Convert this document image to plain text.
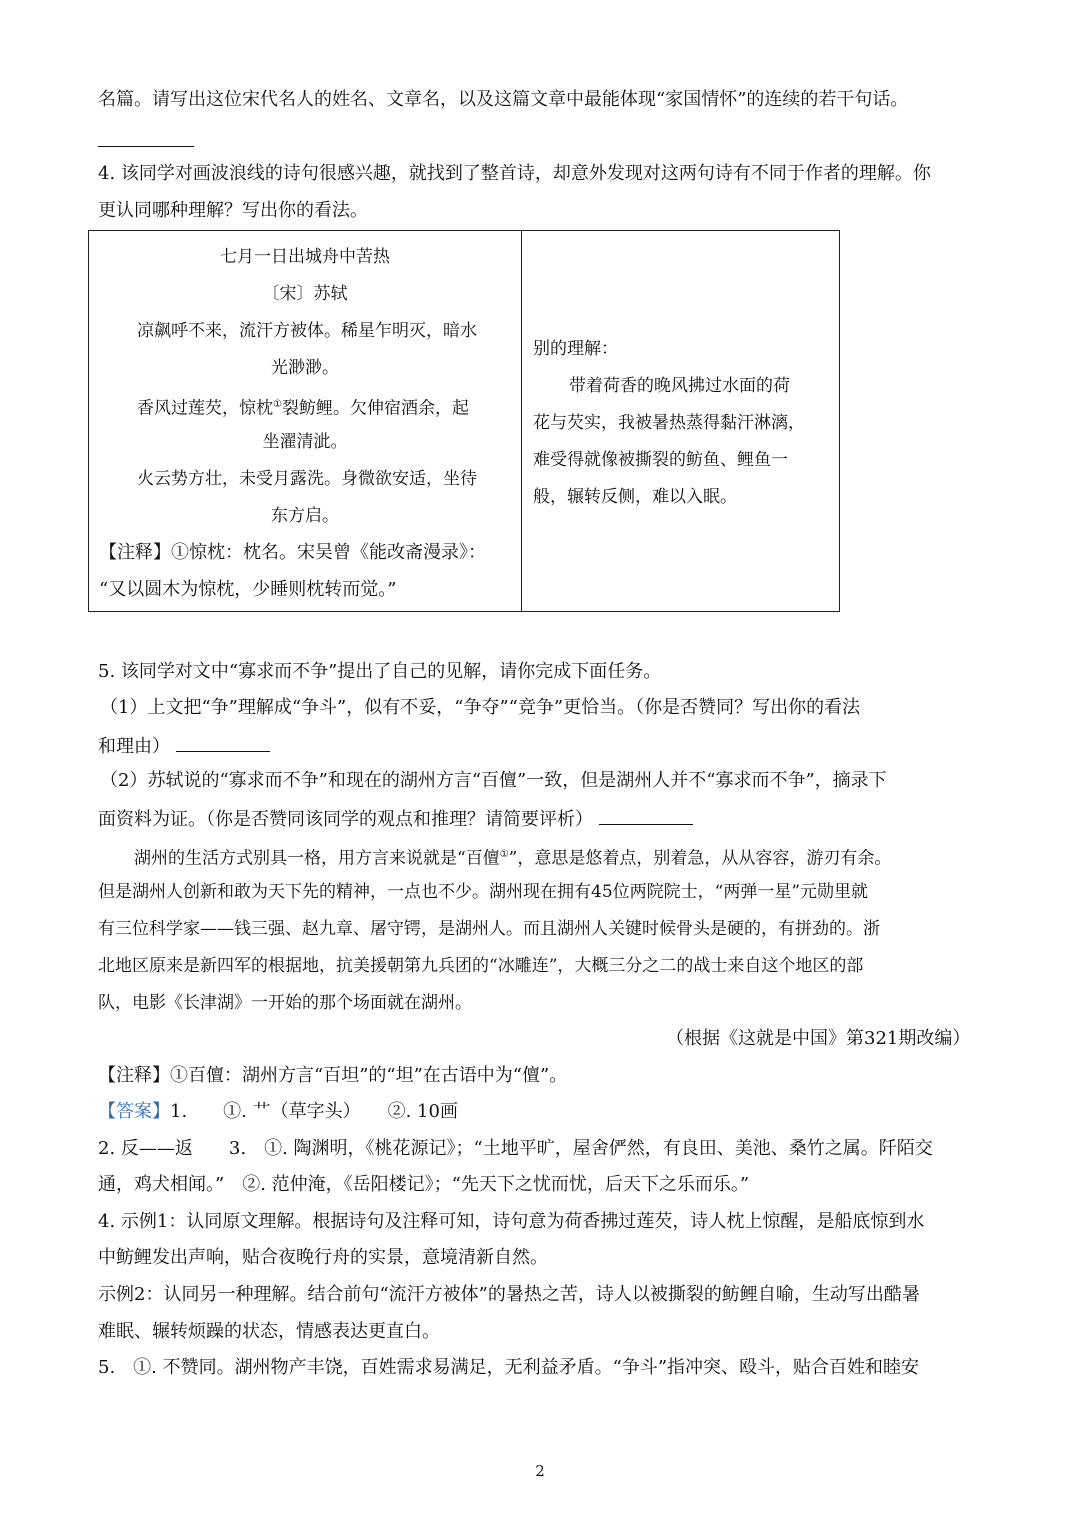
名篇。请写出这位宋代名人的姓名、文章名，以及这篇文章中最能体现“家国情怀”的连续的若干句话。
4. 该同学对画波浪线的诗句很感兴趣，就找到了整首诗，却意外发现对这两句诗有不同于作者的理解。你
更认同哪种理解？写出你的看法。
七月一日出城舟中苦热
〔宋〕苏轼
凉飙呼不来，流汗方被体。稀星乍明灭，暗水
光渺渺。
香风过莲芡，惊枕①裂鲂鲤。欠伸宿酒余，起
坐濯清泚。
火云势方壮，未受月露洗。身微欲安适，坐待
东方启。
【注释】①惊枕：枕名。宋吴曾《能改斋漫录》：
“又以圆木为惊枕，少睡则枕转而觉。”
别的理解：
带着荷香的晚风拂过水面的荷
花与芡实，我被暑热蒸得黏汗淋漓，
难受得就像被撕裂的鲂鱼、鲤鱼一
般，辗转反侧，难以入眠。
5. 该同学对文中“寡求而不争”提出了自己的见解，请你完成下面任务。
（1）上文把“争”理解成“争斗”，似有不妥，“争夺”“竞争”更恰当。（你是否赞同？写出你的看法
和理由）
（2）苏轼说的“寡求而不争”和现在的湖州方言“百儃”一致，但是湖州人并不“寡求而不争”，摘录下
面资料为证。（你是否赞同该同学的观点和推理？请简要评析）
湖州的生活方式别具一格，用方言来说就是“百儃①”，意思是悠着点，别着急，从从容容，游刃有余。
但是湖州人创新和敢为天下先的精神，一点也不少。湖州现在拥有45位两院院士，“两弹一星”元勋里就
有三位科学家——钱三强、赵九章、屠守锷，是湖州人。而且湖州人关键时候骨头是硬的，有拼劲的。浙
北地区原来是新四军的根据地，抗美援朝第九兵团的“冰雕连”，大概三分之二的战士来自这个地区的部
队，电影《长津湖》一开始的那个场面就在湖州。
（根据《这就是中国》第321期改编）
【注释】①百儃：湖州方言“百坦”的“坦”在古语中为“儃”。
【答案】1.　　①. 艹（草字头）　　②. 10画
2. 反——返　　3.　①. 陶渊明，《桃花源记》；“土地平旷，屋舍俨然，有良田、美池、桑竹之属。阡陌交
通，鸡犬相闻。”　②. 范仲淹，《岳阳楼记》；“先天下之忧而忧，后天下之乐而乐。”
4. 示例1：认同原文理解。根据诗句及注释可知，诗句意为荷香拂过莲芡，诗人枕上惊醒，是船底惊到水
中鲂鲤发出声响，贴合夜晚行舟的实景，意境清新自然。
示例2：认同另一种理解。结合前句“流汗方被体”的暑热之苦，诗人以被撕裂的鲂鲤自喻，生动写出酷暑
难眠、辗转烦躁的状态，情感表达更直白。
5.　①. 不赞同。湖州物产丰饶，百姓需求易满足，无利益矛盾。“争斗”指冲突、殴斗，贴合百姓和睦安
2
